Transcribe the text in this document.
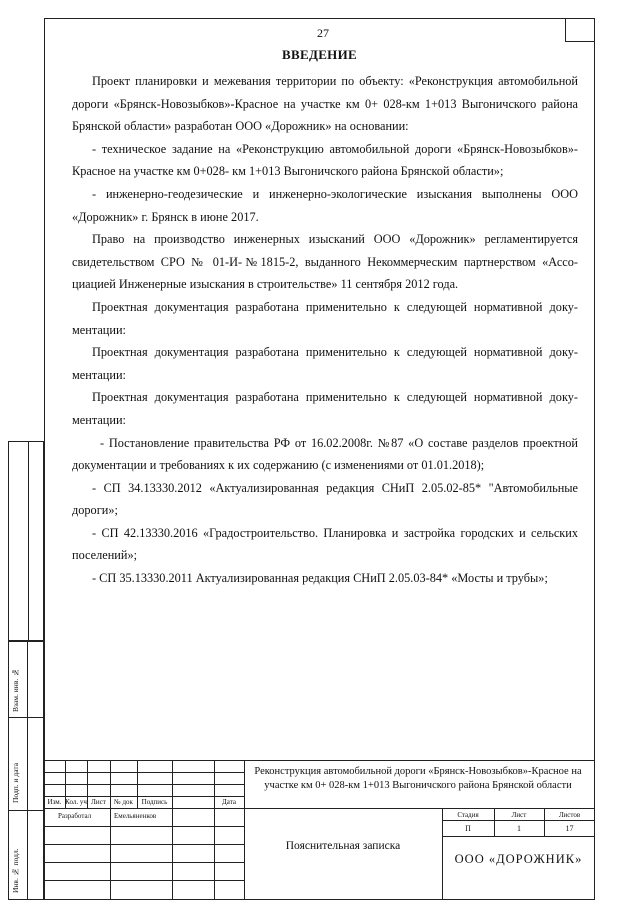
27
ВВЕДЕНИЕ

Проект планировки и межевания территории по объекту: «Реконструкция автомобильной дороги «Брянск-Новозыбков»-Красное на участке км 0+ 028-км 1+013 Выгоничского района Брянской области» разработан ООО «Дорожник» на основании:

- техническое задание на «Реконструкцию автомобильной дороги «Брянск-Новозыбков»-Красное на участке км 0+028- км 1+013 Выгоничского района Брянской области»;

- инженерно-геодезические и инженерно-экологические изыскания выполнены ООО «Дорожник» г. Брянск в июне 2017.

Право на производство инженерных изысканий ООО «Дорожник» регламентируется свидетельством СРО № 01-И-№1815-2, выданного Некоммерческим партнерством «Ассоциацией Инженерные изыскания в строительстве» 11 сентября 2012 года.

Проектная документация разработана применительно к следующей нормативной документации:

Проектная документация разработана применительно к следующей нормативной документации:

Проектная документация разработана применительно к следующей нормативной документации:

- Постановление правительства РФ от 16.02.2008г. №87 «О составе разделов проектной документации и требованиях к их содержанию (с изменениями от 01.01.2018);

- СП 34.13330.2012 «Актуализированная редакция СНиП 2.05.02-85* "Автомобильные дороги»;

- СП 42.13330.2016 «Градостроительство. Планировка и застройка городских и сельских поселений»;

- СП 35.13330.2011 Актуализированная редакция СНиП 2.05.03-84* «Мосты и трубы»;

Взам. инв. №
Подп. и дата
Инв. № подл.
Изм. Кол. уч Лист	№ док	Подпись	Дата
Разработал	Емельяненков
Реконструкция автомобильной дороги «Брянск-Новозыбков»-Красное на участке км 0+ 028-км 1+013 Выгоничского района Брянской области
Пояснительная записка
Стадия	Лист	Листов
П	1	17
ООО «ДОРОЖНИК»
